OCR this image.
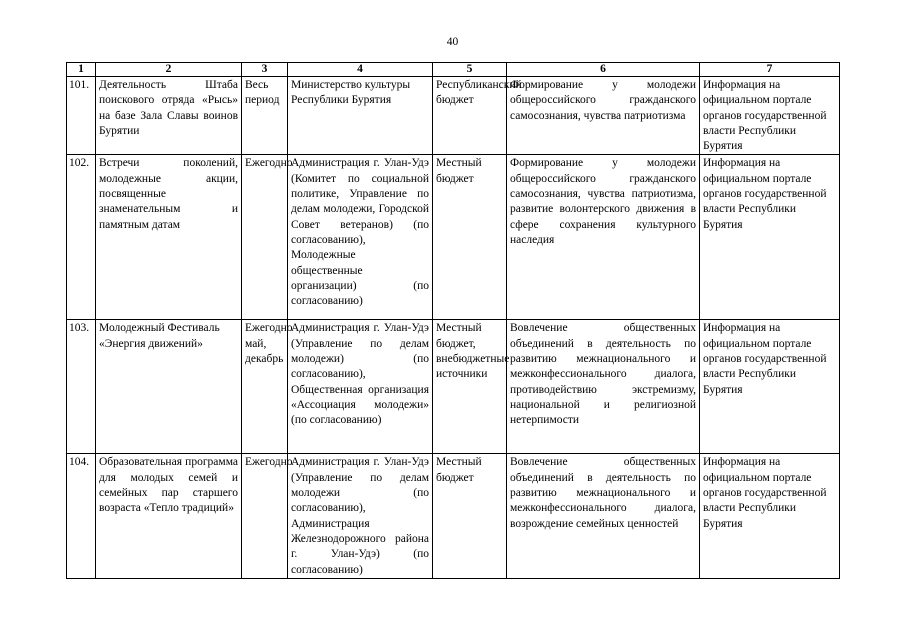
40
1	2	3	4	5	6	7
101.	Деятельность Штаба поискового отряда «Рысь» на базе Зала Славы воинов Бурятии	Весь период	Министерство культуры Республики Бурятия	Республиканский бюджет	Формирование у молодежи общероссийского гражданского самосознания, чувства патриотизма	Информация на официальном портале органов государственной власти Республики Бурятия
102.	Встречи поколений, молодежные акции, посвященные знаменательным и памятным датам	Ежегодно	Администрация г. Улан-Удэ (Комитет по социальной политике, Управление по делам молодежи, Городской Совет ветеранов) (по согласованию), Молодежные общественные организации) (по согласованию)	Местный бюджет	Формирование у молодежи общероссийского гражданского самосознания, чувства патриотизма, развитие волонтерского движения в сфере сохранения культурного наследия	Информация на официальном портале органов государственной власти Республики Бурятия
103.	Молодежный Фестиваль «Энергия движений»	Ежегодно май, декабрь	Администрация г. Улан-Удэ (Управление по делам молодежи) (по согласованию), Общественная организация «Ассоциация молодежи» (по согласованию)	Местный бюджет, внебюджетные источники	Вовлечение общественных объединений в деятельность по развитию межнационального и межконфессионального диалога, противодействию экстремизму, национальной и религиозной нетерпимости	Информация на официальном портале органов государственной власти Республики Бурятия
104.	Образовательная программа для молодых семей и семейных пар старшего возраста «Тепло традиций»	Ежегодно	Администрация г. Улан-Удэ (Управление по делам молодежи (по согласованию), Администрация Железнодорожного района г. Улан-Удэ) (по согласованию)	Местный бюджет	Вовлечение общественных объединений в деятельность по развитию межнационального и межконфессионального диалога, возрождение семейных ценностей	Информация на официальном портале органов государственной власти Республики Бурятия
